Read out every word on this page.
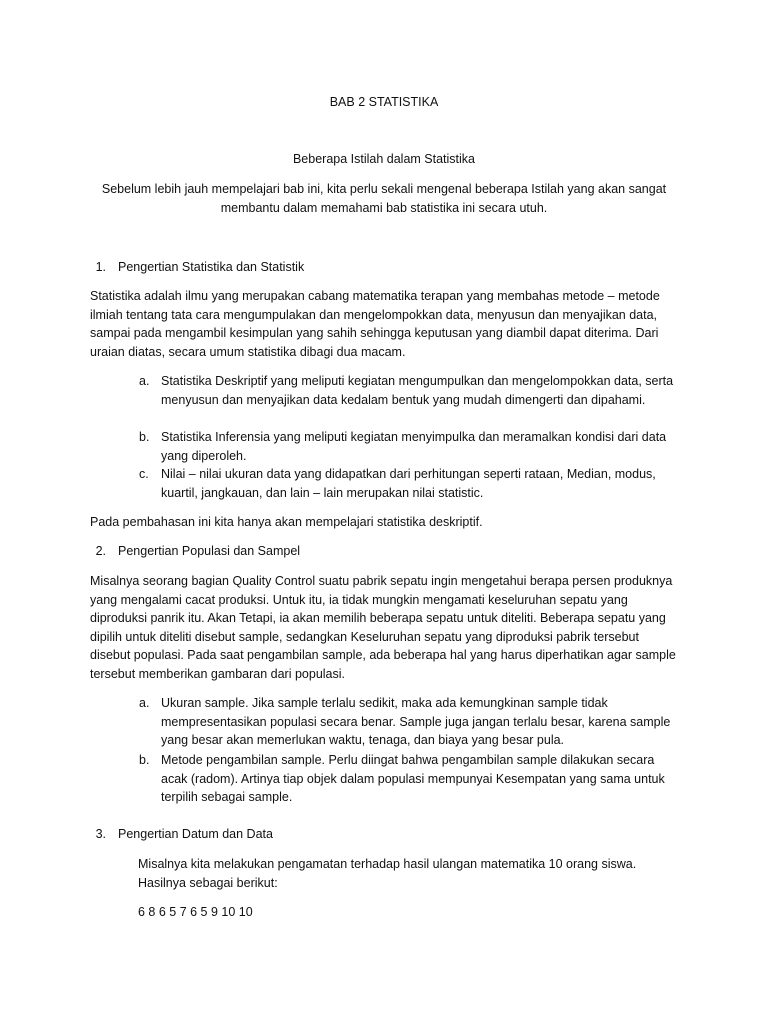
BAB 2 STATISTIKA
Beberapa Istilah dalam Statistika
Sebelum lebih jauh mempelajari bab ini, kita perlu sekali mengenal beberapa Istilah yang akan sangat membantu dalam memahami bab statistika ini secara utuh.
1. Pengertian Statistika dan Statistik
Statistika adalah ilmu yang merupakan cabang matematika terapan yang membahas metode – metode ilmiah tentang tata cara mengumpulakan dan mengelompokkan data, menyusun dan menyajikan data, sampai pada mengambil kesimpulan yang sahih sehingga keputusan yang diambil dapat diterima. Dari uraian diatas, secara umum statistika dibagi dua macam.
a. Statistika Deskriptif yang meliputi kegiatan mengumpulkan dan mengelompokkan data, serta menyusun dan menyajikan data kedalam bentuk yang mudah dimengerti dan dipahami.
b. Statistika Inferensia yang meliputi kegiatan menyimpulka dan meramalkan kondisi dari data yang diperoleh.
c. Nilai – nilai ukuran data yang didapatkan dari perhitungan seperti rataan, Median, modus, kuartil, jangkauan, dan lain – lain merupakan nilai statistic.
Pada pembahasan ini kita hanya akan mempelajari statistika deskriptif.
2. Pengertian Populasi dan Sampel
Misalnya seorang bagian Quality Control suatu pabrik sepatu ingin mengetahui berapa persen produknya yang mengalami cacat produksi. Untuk itu, ia tidak mungkin mengamati keseluruhan sepatu yang diproduksi panrik itu. Akan Tetapi, ia akan memilih beberapa sepatu untuk diteliti. Beberapa sepatu yang dipilih untuk diteliti disebut sample, sedangkan Keseluruhan sepatu yang diproduksi pabrik tersebut disebut populasi. Pada saat pengambilan sample, ada beberapa hal yang harus diperhatikan agar sample tersebut memberikan gambaran dari populasi.
a. Ukuran sample. Jika sample terlalu sedikit, maka ada kemungkinan sample tidak mempresentasikan populasi secara benar. Sample juga jangan terlalu besar, karena sample yang besar akan memerlukan waktu, tenaga, dan biaya yang besar pula.
b. Metode pengambilan sample. Perlu diingat bahwa pengambilan sample dilakukan secara acak (radom). Artinya tiap objek dalam populasi mempunyai Kesempatan yang sama untuk terpilih sebagai sample.
3. Pengertian Datum dan Data
Misalnya kita melakukan pengamatan terhadap hasil ulangan matematika 10 orang siswa. Hasilnya sebagai berikut:
6 8 6 5 7 6 5 9 10 10
